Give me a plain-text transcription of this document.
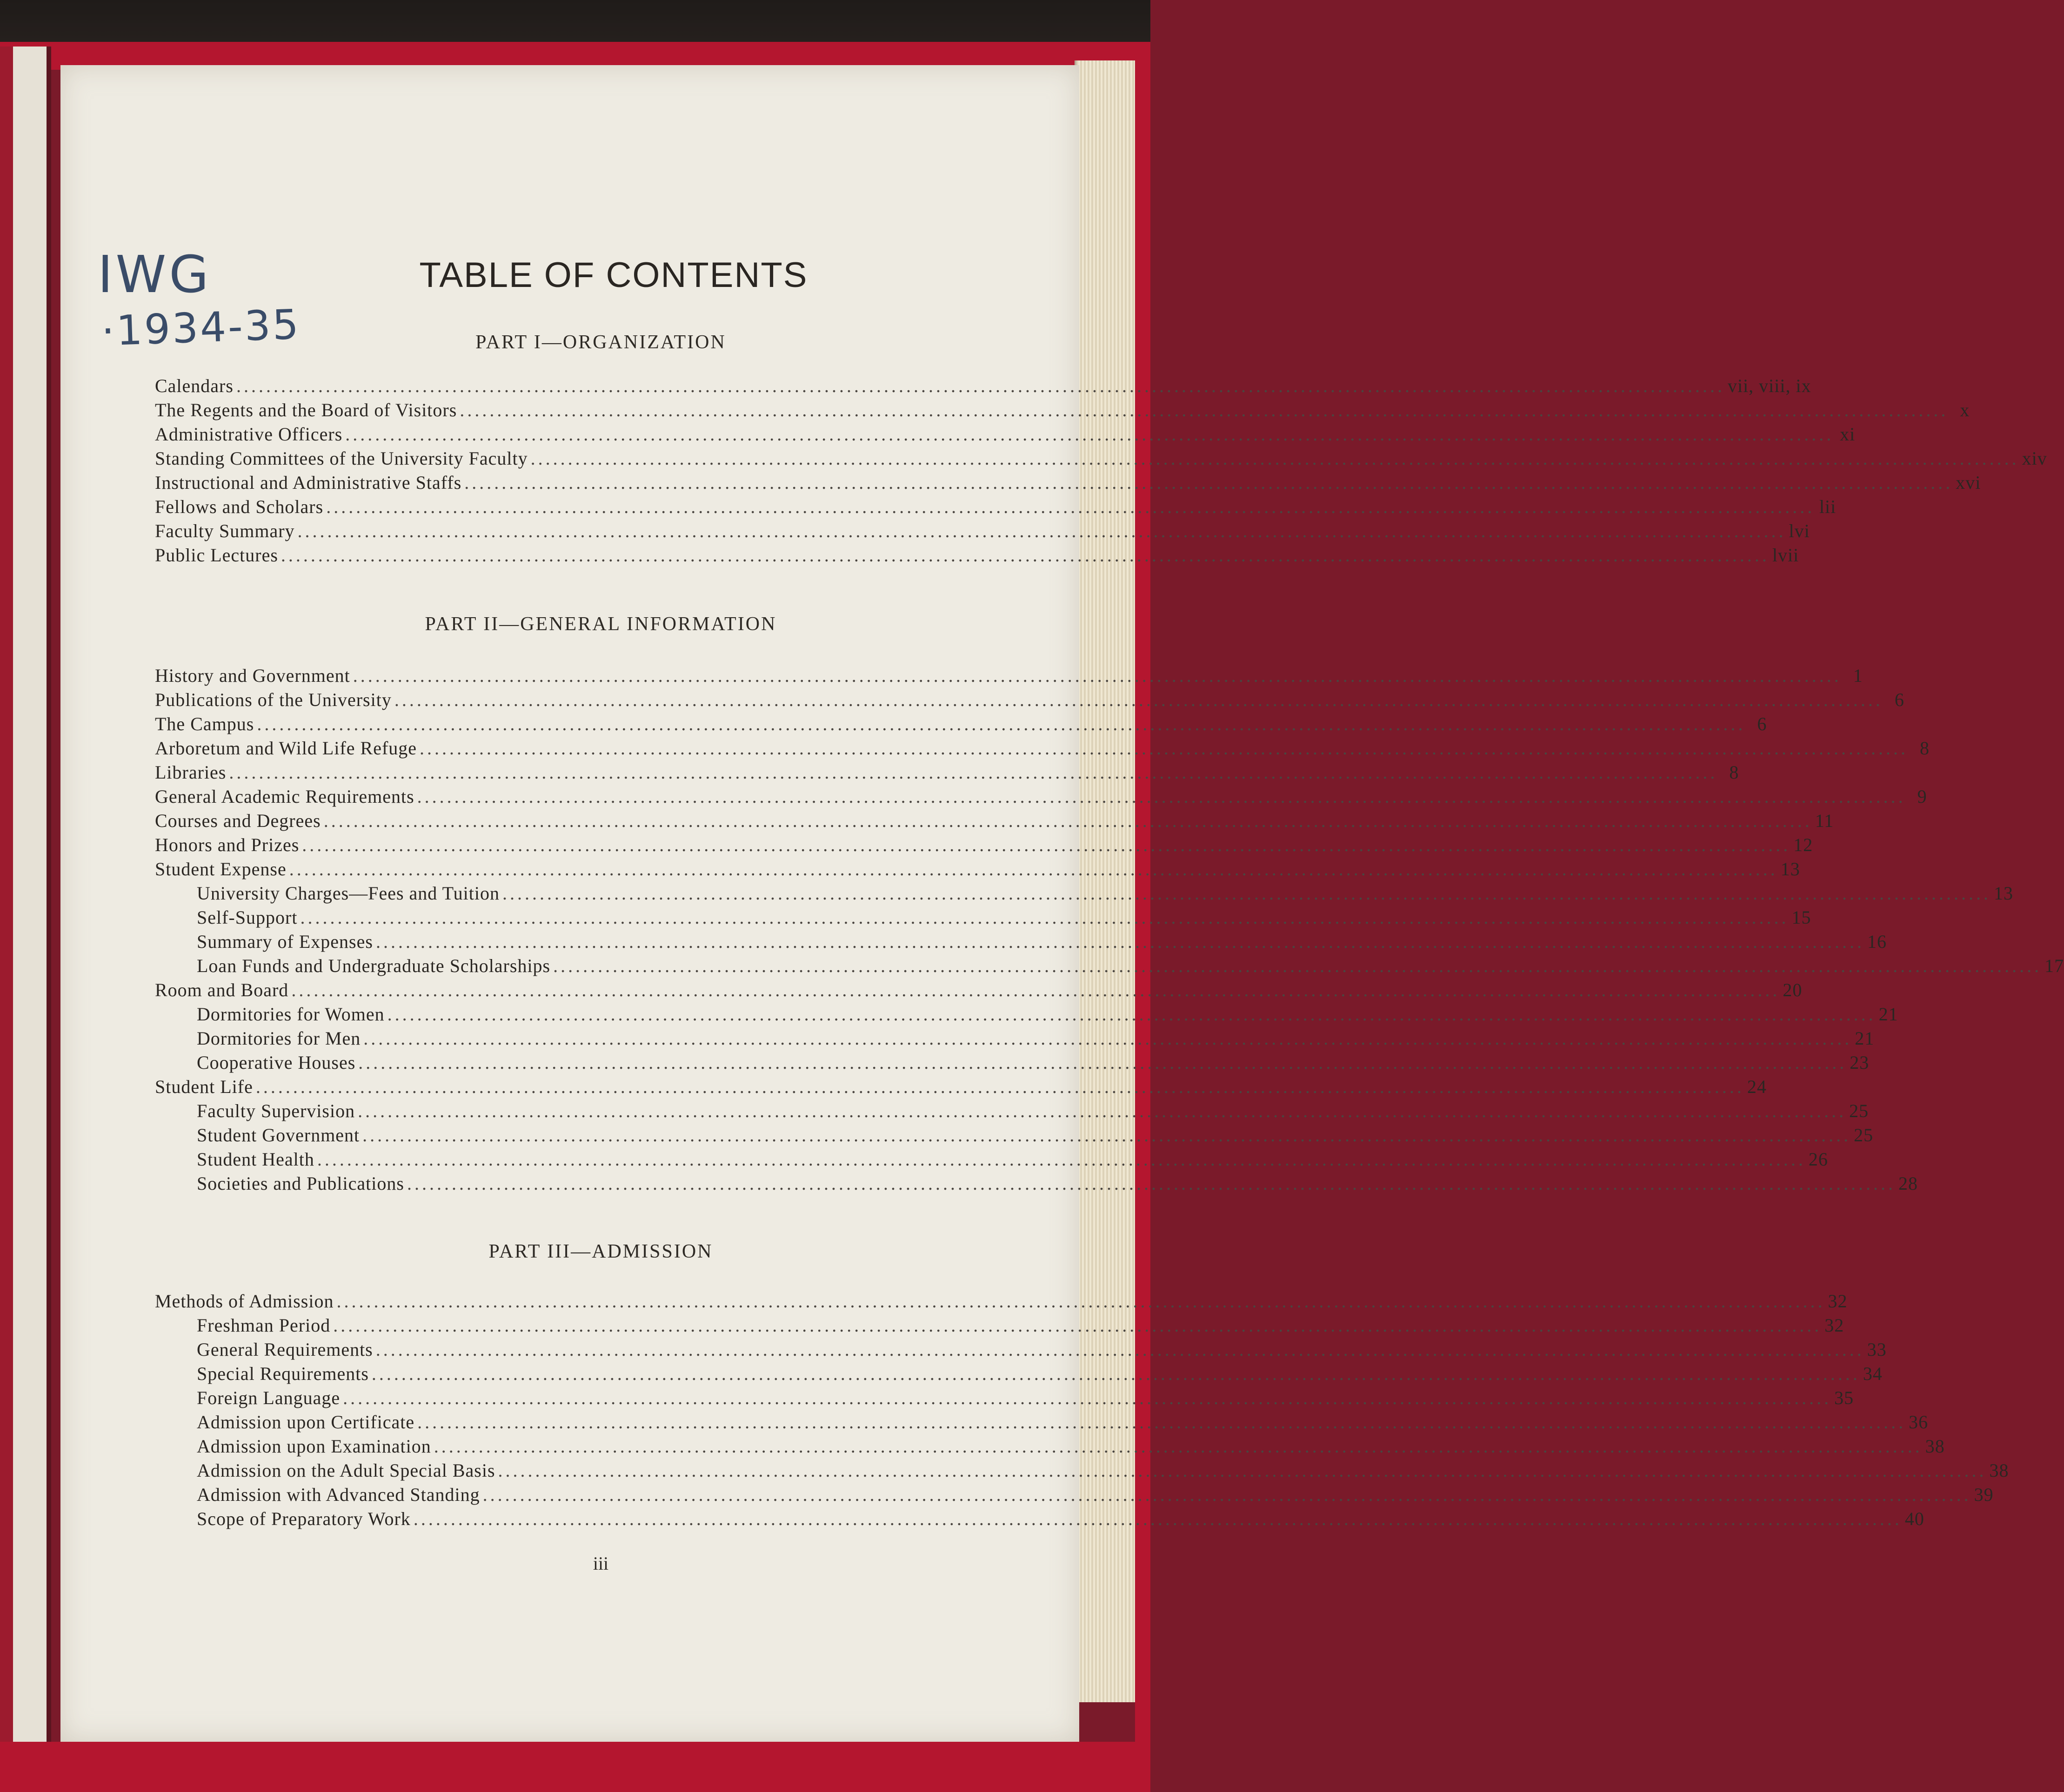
IWG
·1934-35
TABLE OF CONTENTS
PART I—ORGANIZATION
Calendars ........................................................................................................................................................................................................ vii, viii, ix
The Regents and the Board of Visitors ........................................................................................................................................................................................................ x
Administrative Officers ........................................................................................................................................................................................................ xi
Standing Committees of the University Faculty ........................................................................................................................................................................................................ xiv
Instructional and Administrative Staffs ........................................................................................................................................................................................................ xvi
Fellows and Scholars ........................................................................................................................................................................................................ lii
Faculty Summary ........................................................................................................................................................................................................ lvi
Public Lectures ........................................................................................................................................................................................................ lvii
PART II—GENERAL INFORMATION
History and Government ........................................................................................................................................................................................................ 1
Publications of the University ........................................................................................................................................................................................................ 6
The Campus ........................................................................................................................................................................................................ 6
Arboretum and Wild Life Refuge ........................................................................................................................................................................................................ 8
Libraries ........................................................................................................................................................................................................ 8
General Academic Requirements ........................................................................................................................................................................................................ 9
Courses and Degrees ........................................................................................................................................................................................................ 11
Honors and Prizes ........................................................................................................................................................................................................ 12
Student Expense ........................................................................................................................................................................................................ 13
University Charges—Fees and Tuition ........................................................................................................................................................................................................ 13
Self-Support ........................................................................................................................................................................................................ 15
Summary of Expenses ........................................................................................................................................................................................................ 16
Loan Funds and Undergraduate Scholarships ........................................................................................................................................................................................................ 17
Room and Board ........................................................................................................................................................................................................ 20
Dormitories for Women ........................................................................................................................................................................................................ 21
Dormitories for Men ........................................................................................................................................................................................................ 21
Cooperative Houses ........................................................................................................................................................................................................ 23
Student Life ........................................................................................................................................................................................................ 24
Faculty Supervision ........................................................................................................................................................................................................ 25
Student Government ........................................................................................................................................................................................................ 25
Student Health ........................................................................................................................................................................................................ 26
Societies and Publications ........................................................................................................................................................................................................ 28
PART III—ADMISSION
Methods of Admission ........................................................................................................................................................................................................ 32
Freshman Period ........................................................................................................................................................................................................ 32
General Requirements ........................................................................................................................................................................................................ 33
Special Requirements ........................................................................................................................................................................................................ 34
Foreign Language ........................................................................................................................................................................................................ 35
Admission upon Certificate ........................................................................................................................................................................................................ 36
Admission upon Examination ........................................................................................................................................................................................................ 38
Admission on the Adult Special Basis ........................................................................................................................................................................................................ 38
Admission with Advanced Standing ........................................................................................................................................................................................................ 39
Scope of Preparatory Work ........................................................................................................................................................................................................ 40
iii
